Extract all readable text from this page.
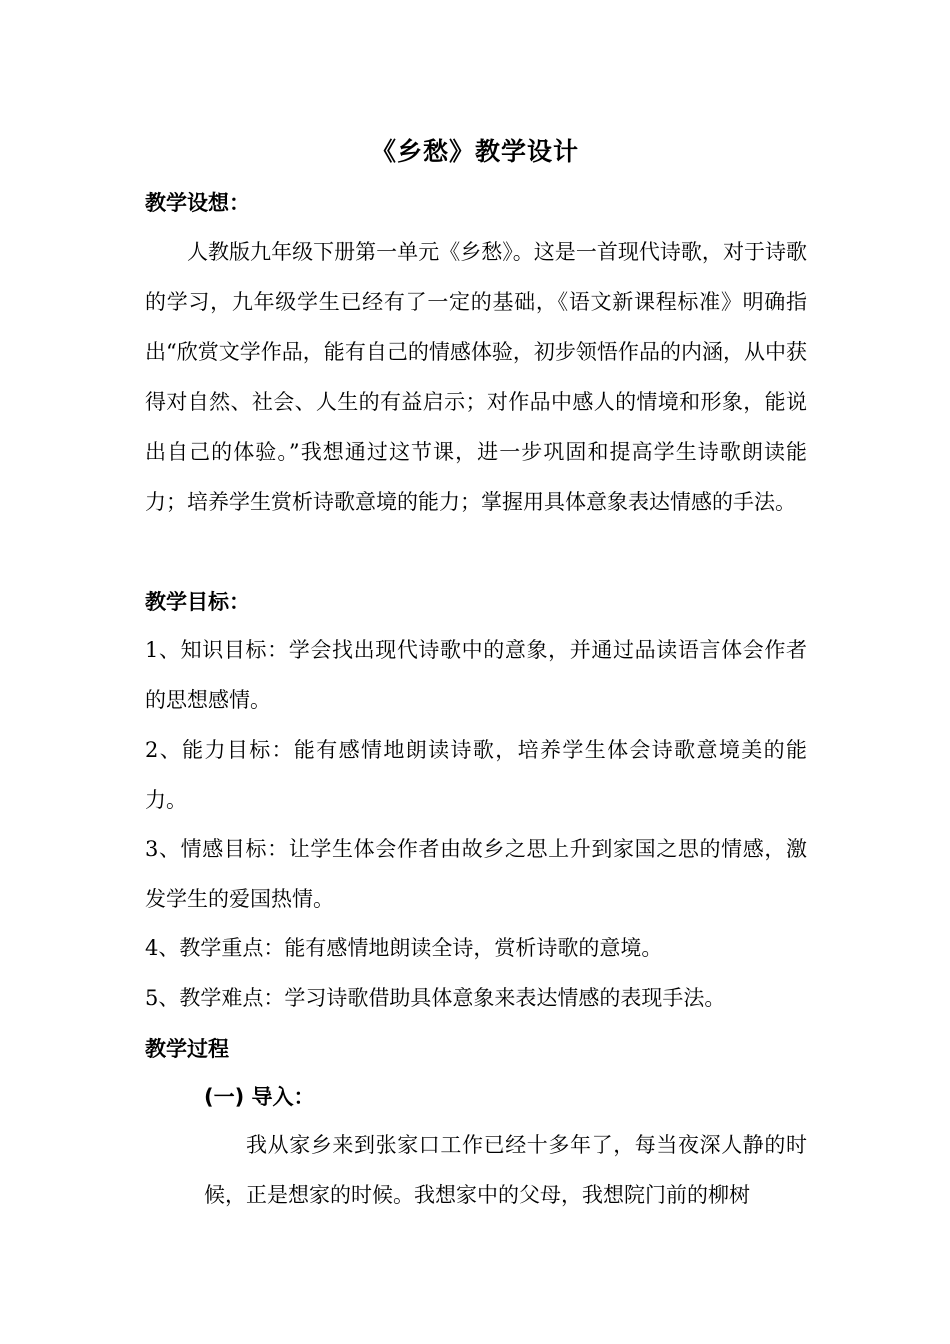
《乡愁》教学设计
教学设想：
人教版九年级下册第一单元《乡愁》。这是一首现代诗歌，对于诗歌的学习，九年级学生已经有了一定的基础，《语文新课程标准》明确指出“欣赏文学作品，能有自己的情感体验，初步领悟作品的内涵，从中获得对自然、社会、人生的有益启示；对作品中感人的情境和形象，能说出自己的体验。”我想通过这节课，进一步巩固和提高学生诗歌朗读能力；培养学生赏析诗歌意境的能力；掌握用具体意象表达情感的手法。
教学目标：
1、知识目标：学会找出现代诗歌中的意象，并通过品读语言体会作者的思想感情。
2、能力目标：能有感情地朗读诗歌，培养学生体会诗歌意境美的能力。
3、情感目标：让学生体会作者由故乡之思上升到家国之思的情感，激发学生的爱国热情。
4、教学重点：能有感情地朗读全诗，赏析诗歌的意境。
5、教学难点：学习诗歌借助具体意象来表达情感的表现手法。
教学过程
(一) 导入：
我从家乡来到张家口工作已经十多年了，每当夜深人静的时候，正是想家的时候。我想家中的父母，我想院门前的柳树
